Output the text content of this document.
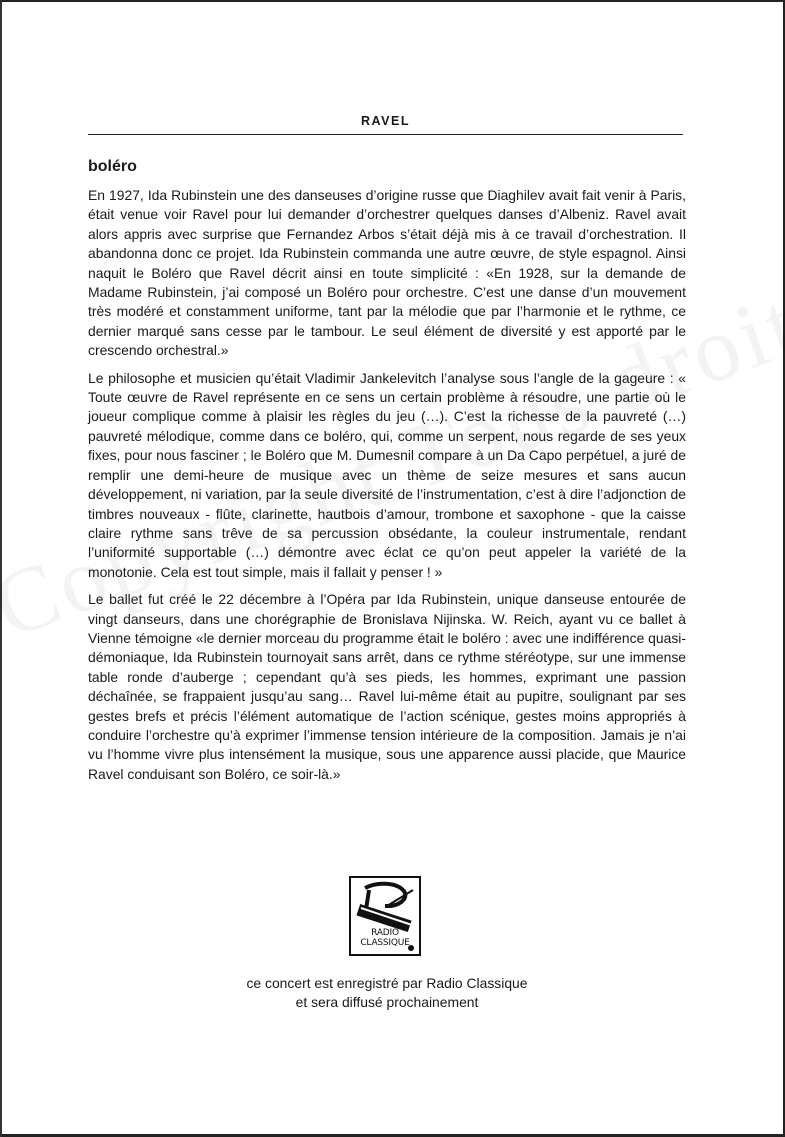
RAVEL
boléro

En 1927, Ida Rubinstein une des danseuses d’origine russe que Diaghilev avait fait venir à Paris, était venue voir Ravel pour lui demander d’orchestrer quelques danses d’Albeniz. Ravel avait alors appris avec surprise que Fernandez Arbos s’était déjà mis à ce travail d’orchestration. Il abandonna donc ce projet. Ida Rubinstein commanda une autre œuvre, de style espagnol. Ainsi naquit le Boléro que Ravel décrit ainsi en toute simplicité : «En 1928, sur la demande de Madame Rubinstein, j’ai composé un Boléro pour orchestre. C’est une danse d’un mouvement très modéré et constamment uniforme, tant par la mélodie que par l’harmonie et le rythme, ce dernier marqué sans cesse par le tambour. Le seul élément de diversité y est apporté par le crescendo orchestral.»

Le philosophe et musicien qu’était Vladimir Jankelevitch l’analyse sous l’angle de la gageure : « Toute œuvre de Ravel représente en ce sens un certain problème à résoudre, une partie où le joueur complique comme à plaisir les règles du jeu (…). C’est la richesse de la pauvreté (…) pauvreté mélodique, comme dans ce boléro, qui, comme un serpent, nous regarde de ses yeux fixes, pour nous fasciner ; le Boléro que M. Dumesnil compare à un Da Capo perpétuel, a juré de remplir une demi-heure de musique avec un thème de seize mesures et sans aucun développement, ni variation, par la seule diversité de l’instrumentation, c’est à dire l’adjonction de timbres nouveaux - flûte, clarinette, hautbois d’amour, trombone et saxophone - que la caisse claire rythme sans trêve de sa percussion obsédante, la couleur instrumentale, rendant l’uniformité supportable (…) démontre avec éclat ce qu’on peut appeler la variété de la monotonie. Cela est tout simple, mais il fallait y penser ! »

Le ballet fut créé le 22 décembre à l’Opéra par Ida Rubinstein, unique danseuse entourée de vingt danseurs, dans une chorégraphie de Bronislava Nijinska. W. Reich, ayant vu ce ballet à Vienne témoigne «le dernier morceau du programme était le boléro : avec une indifférence quasi-démoniaque, Ida Rubinstein tournoyait sans arrêt, dans ce rythme stéréotype, sur une immense table ronde d’auberge ; cependant qu’à ses pieds, les hommes, exprimant une passion déchaînée, se frappaient jusqu’au sang… Ravel lui-même était au pupitre, soulignant par ses gestes brefs et précis l’élément automatique de l’action scénique, gestes moins appropriés à conduire l’orchestre qu’à exprimer l’immense tension intérieure de la composition. Jamais je n’ai vu l’homme vivre plus intensément la musique, sous une apparence aussi placide, que Maurice Ravel conduisant son Boléro, ce soir-là.»

RADIO
CLASSIQUE
ce concert est enregistré par Radio Classique
et sera diffusé prochainement
